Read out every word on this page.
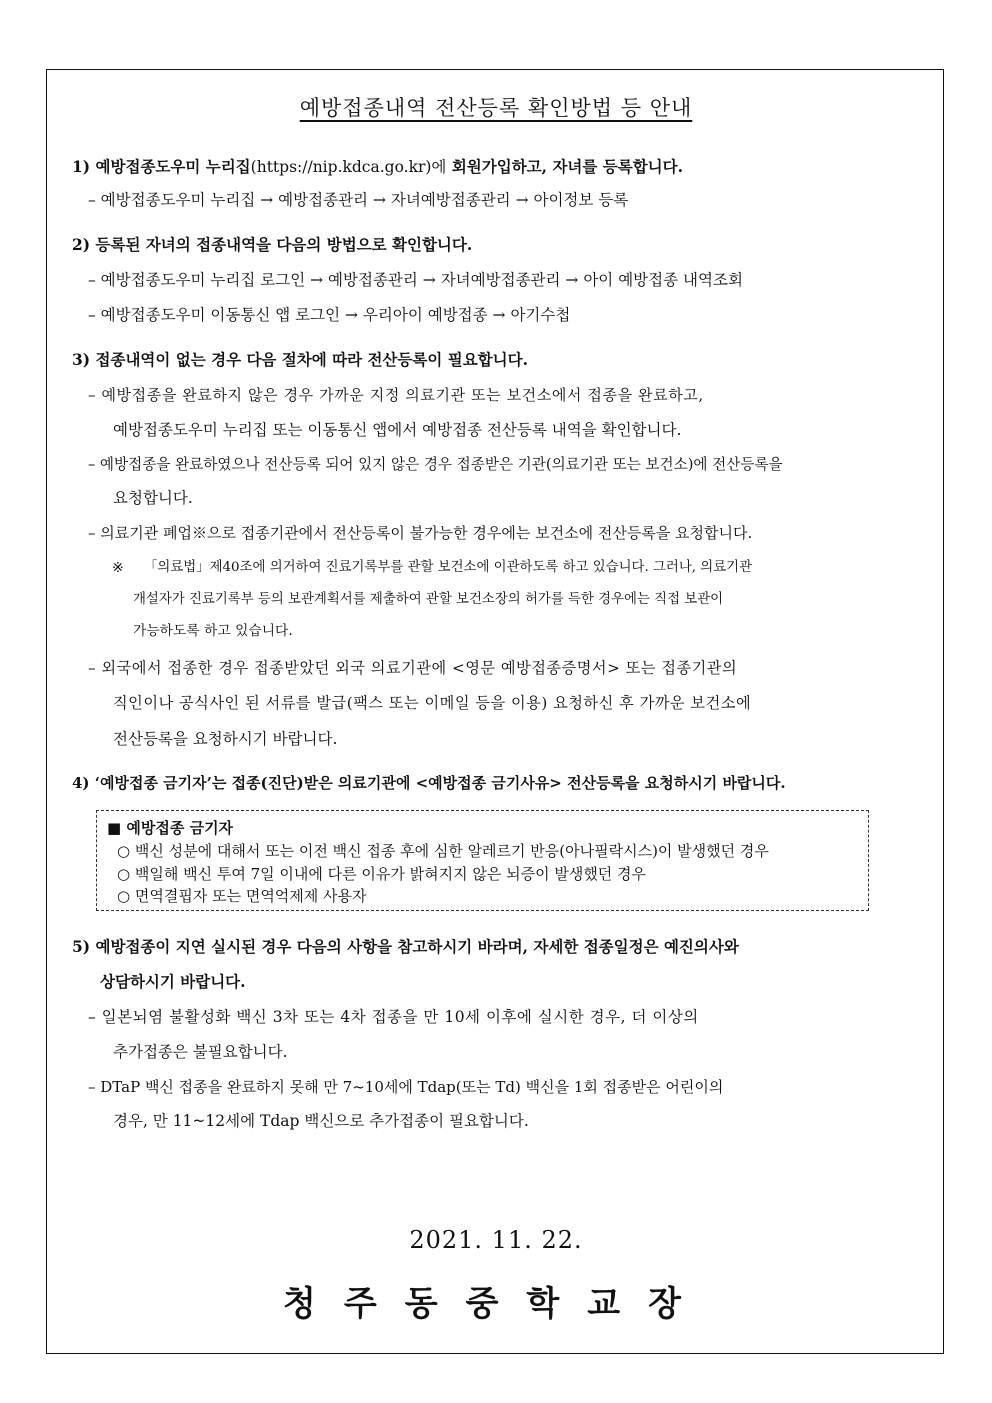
예방접종내역 전산등록 확인방법 등 안내
1) 예방접종도우미 누리집(https://nip.kdca.go.kr)에 회원가입하고, 자녀를 등록합니다.
– 예방접종도우미 누리집 → 예방접종관리 → 자녀예방접종관리 → 아이정보 등록
2) 등록된 자녀의 접종내역을 다음의 방법으로 확인합니다.
– 예방접종도우미 누리집 로그인 → 예방접종관리 → 자녀예방접종관리 → 아이 예방접종 내역조회
– 예방접종도우미 이동통신 앱 로그인 → 우리아이 예방접종 → 아기수첩
3) 접종내역이 없는 경우 다음 절차에 따라 전산등록이 필요합니다.
– 예방접종을 완료하지 않은 경우 가까운 지정 의료기관 또는 보건소에서 접종을 완료하고,
예방접종도우미 누리집 또는 이동통신 앱에서 예방접종 전산등록 내역을 확인합니다.
– 예방접종을 완료하였으나 전산등록 되어 있지 않은 경우 접종받은 기관(의료기관 또는 보건소)에 전산등록을
요청합니다.
– 의료기관 폐업※으로 접종기관에서 전산등록이 불가능한 경우에는 보건소에 전산등록을 요청합니다.
※ 「의료법」제40조에 의거하여 진료기록부를 관할 보건소에 이관하도록 하고 있습니다. 그러나, 의료기관
개설자가 진료기록부 등의 보관계획서를 제출하여 관할 보건소장의 허가를 득한 경우에는 직접 보관이
가능하도록 하고 있습니다.
– 외국에서 접종한 경우 접종받았던 외국 의료기관에 <영문 예방접종증명서> 또는 접종기관의
직인이나 공식사인 된 서류를 발급(팩스 또는 이메일 등을 이용) 요청하신 후 가까운 보건소에
전산등록을 요청하시기 바랍니다.
4) ‘예방접종 금기자’는 접종(진단)받은 의료기관에 <예방접종 금기사유> 전산등록을 요청하시기 바랍니다.
■ 예방접종 금기자
○ 백신 성분에 대해서 또는 이전 백신 접종 후에 심한 알레르기 반응(아나필락시스)이 발생했던 경우
○ 백일해 백신 투여 7일 이내에 다른 이유가 밝혀지지 않은 뇌증이 발생했던 경우
○ 면역결핍자 또는 면역억제제 사용자
5) 예방접종이 지연 실시된 경우 다음의 사항을 참고하시기 바라며, 자세한 접종일정은 예진의사와
상담하시기 바랍니다.
– 일본뇌염 불활성화 백신 3차 또는 4차 접종을 만 10세 이후에 실시한 경우, 더 이상의
추가접종은 불필요합니다.
– DTaP 백신 접종을 완료하지 못해 만 7~10세에 Tdap(또는 Td) 백신을 1회 접종받은 어린이의
경우, 만 11~12세에 Tdap 백신으로 추가접종이 필요합니다.
2021. 11. 22.
청주동중학교장
